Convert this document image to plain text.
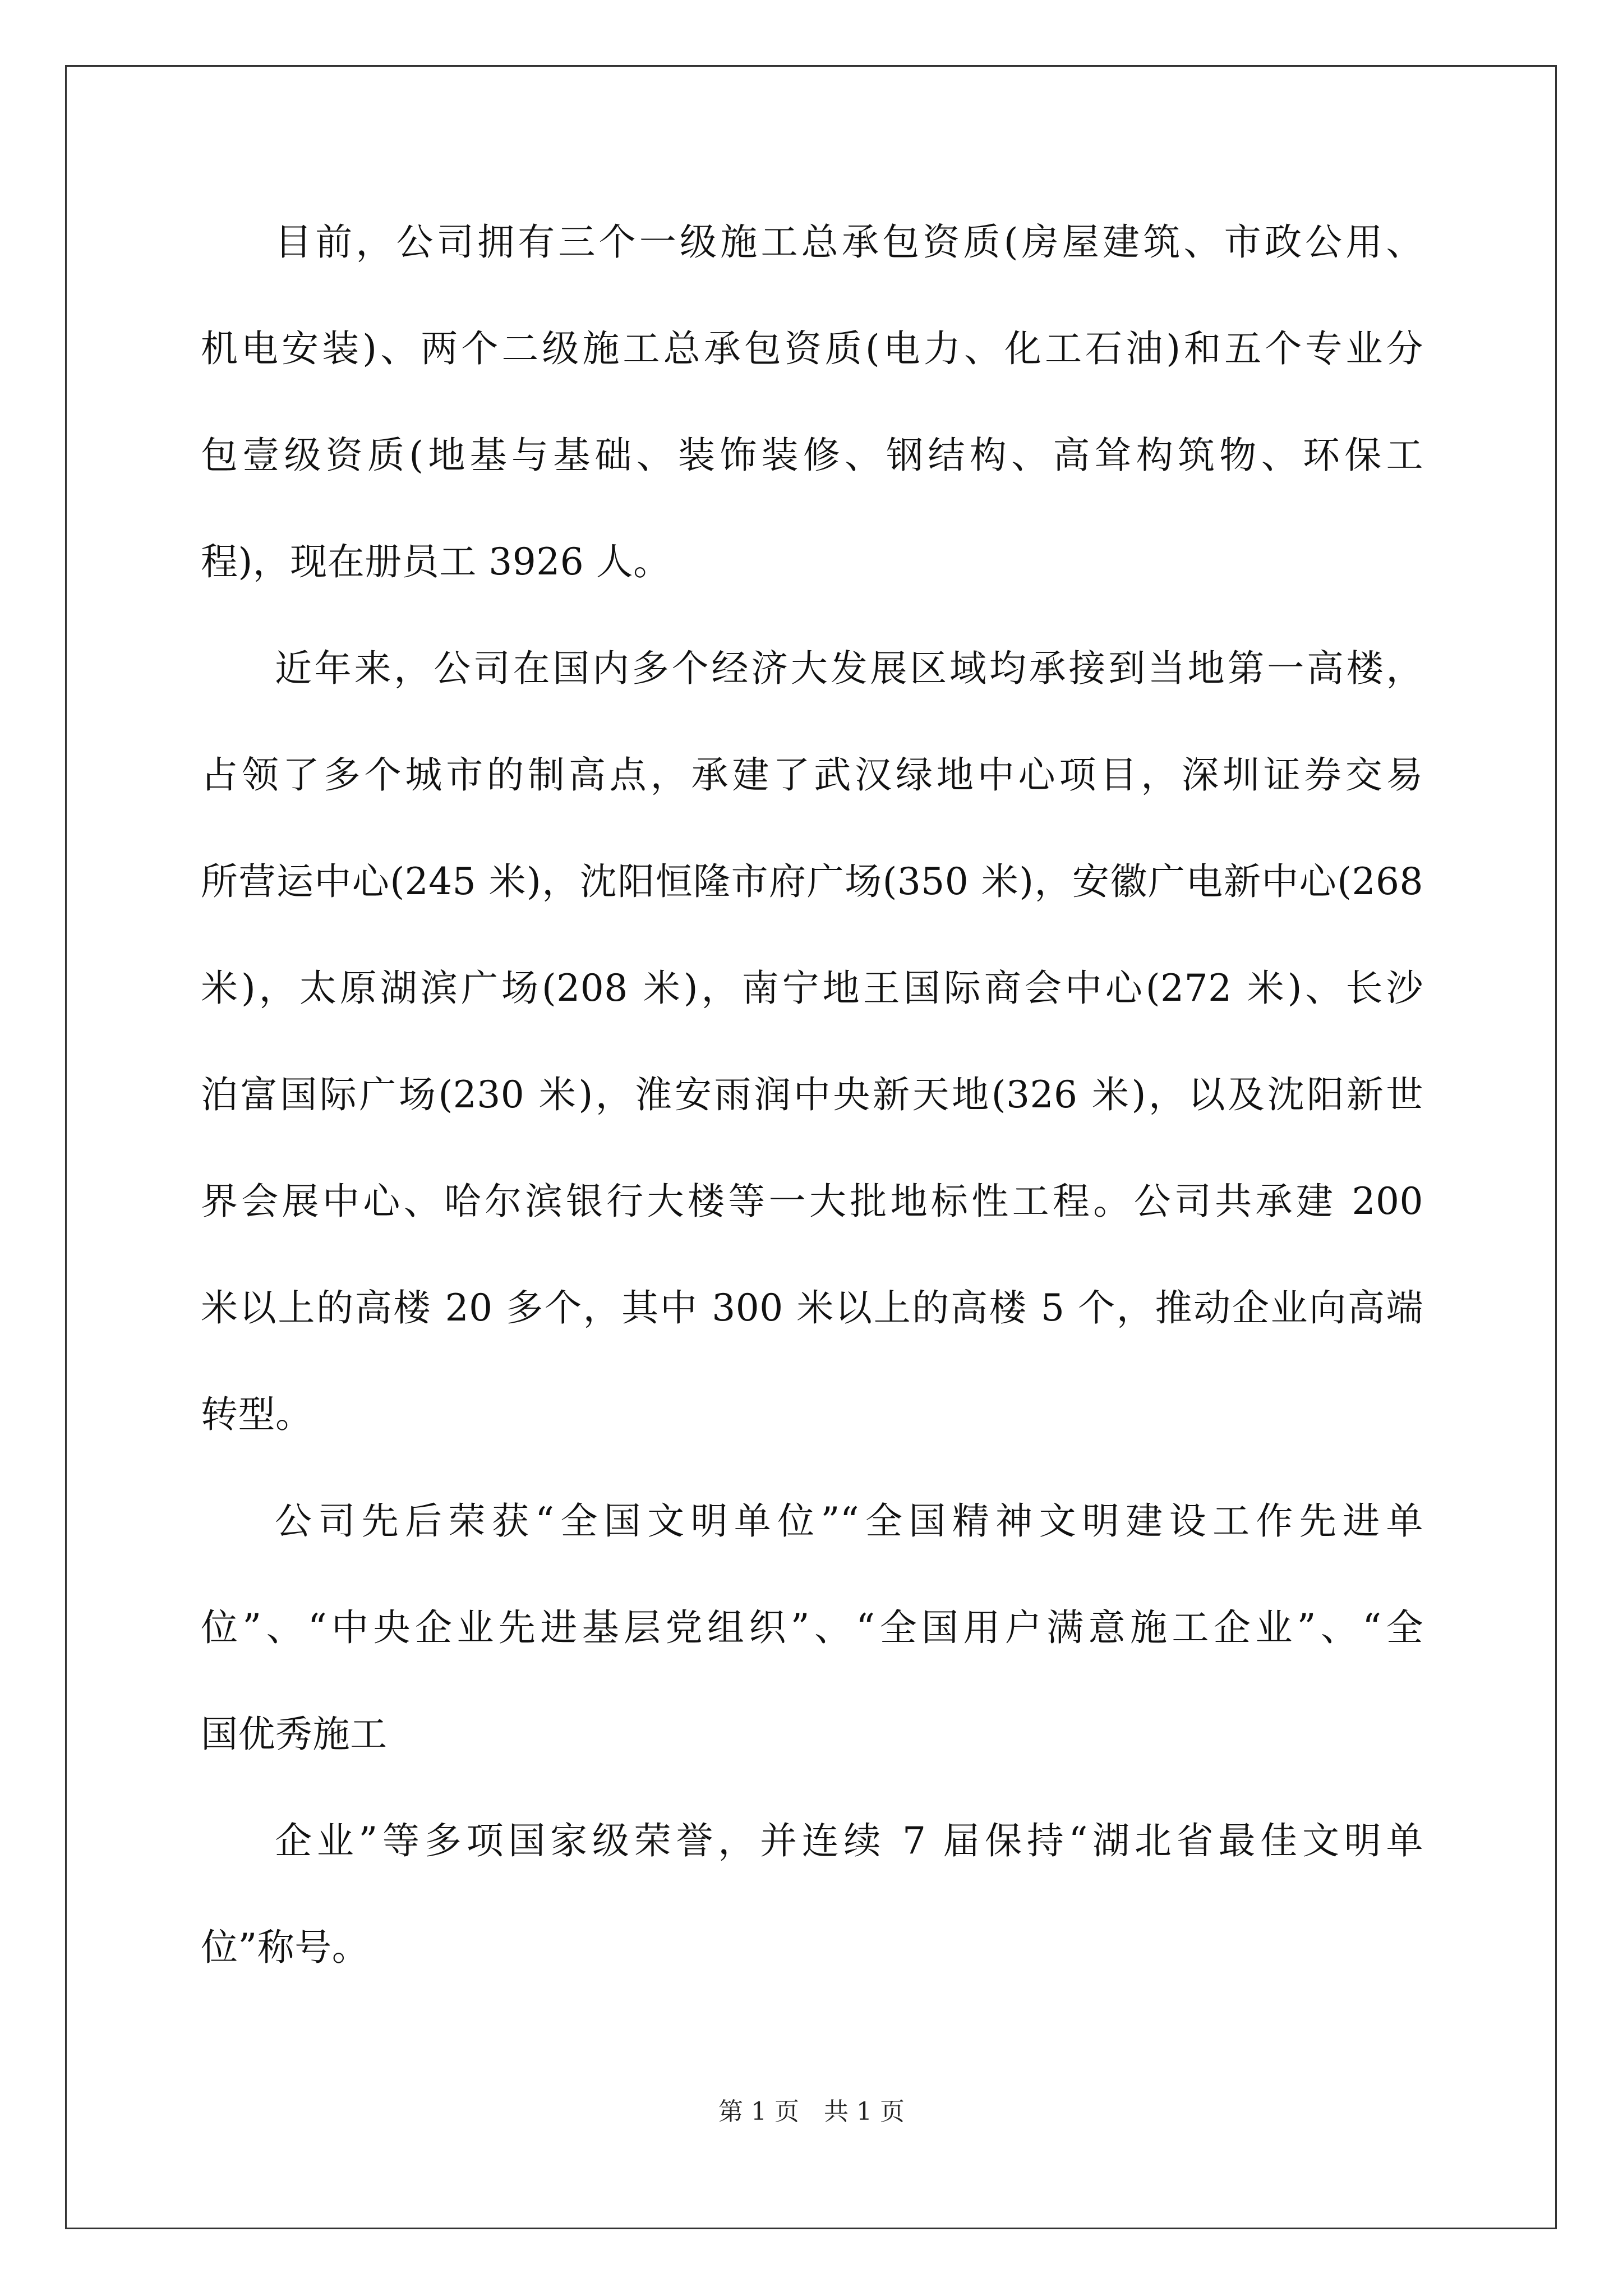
目前，公司拥有三个一级施工总承包资质(房屋建筑、市政公用、
机电安装)、两个二级施工总承包资质(电力、化工石油)和五个专业分
包壹级资质(地基与基础、装饰装修、钢结构、高耸构筑物、环保工
程)，现在册员工 3926 人。
近年来，公司在国内多个经济大发展区域均承接到当地第一高楼，
占领了多个城市的制高点，承建了武汉绿地中心项目，深圳证券交易
所营运中心(245 米)，沈阳恒隆市府广场(350 米)，安徽广电新中心(268
米)，太原湖滨广场(208 米)，南宁地王国际商会中心(272 米)、长沙
泊富国际广场(230 米)，淮安雨润中央新天地(326 米)，以及沈阳新世
界会展中心、哈尔滨银行大楼等一大批地标性工程。公司共承建 200
米以上的高楼 20 多个，其中 300 米以上的高楼 5 个，推动企业向高端
转型。
公司先后荣获“全国文明单位”“全国精神文明建设工作先进单
位”、“中央企业先进基层党组织”、“全国用户满意施工企业”、“全
国优秀施工
企业”等多项国家级荣誉，并连续 7 届保持“湖北省最佳文明单
位”称号。
第 1 页　共 1 页
